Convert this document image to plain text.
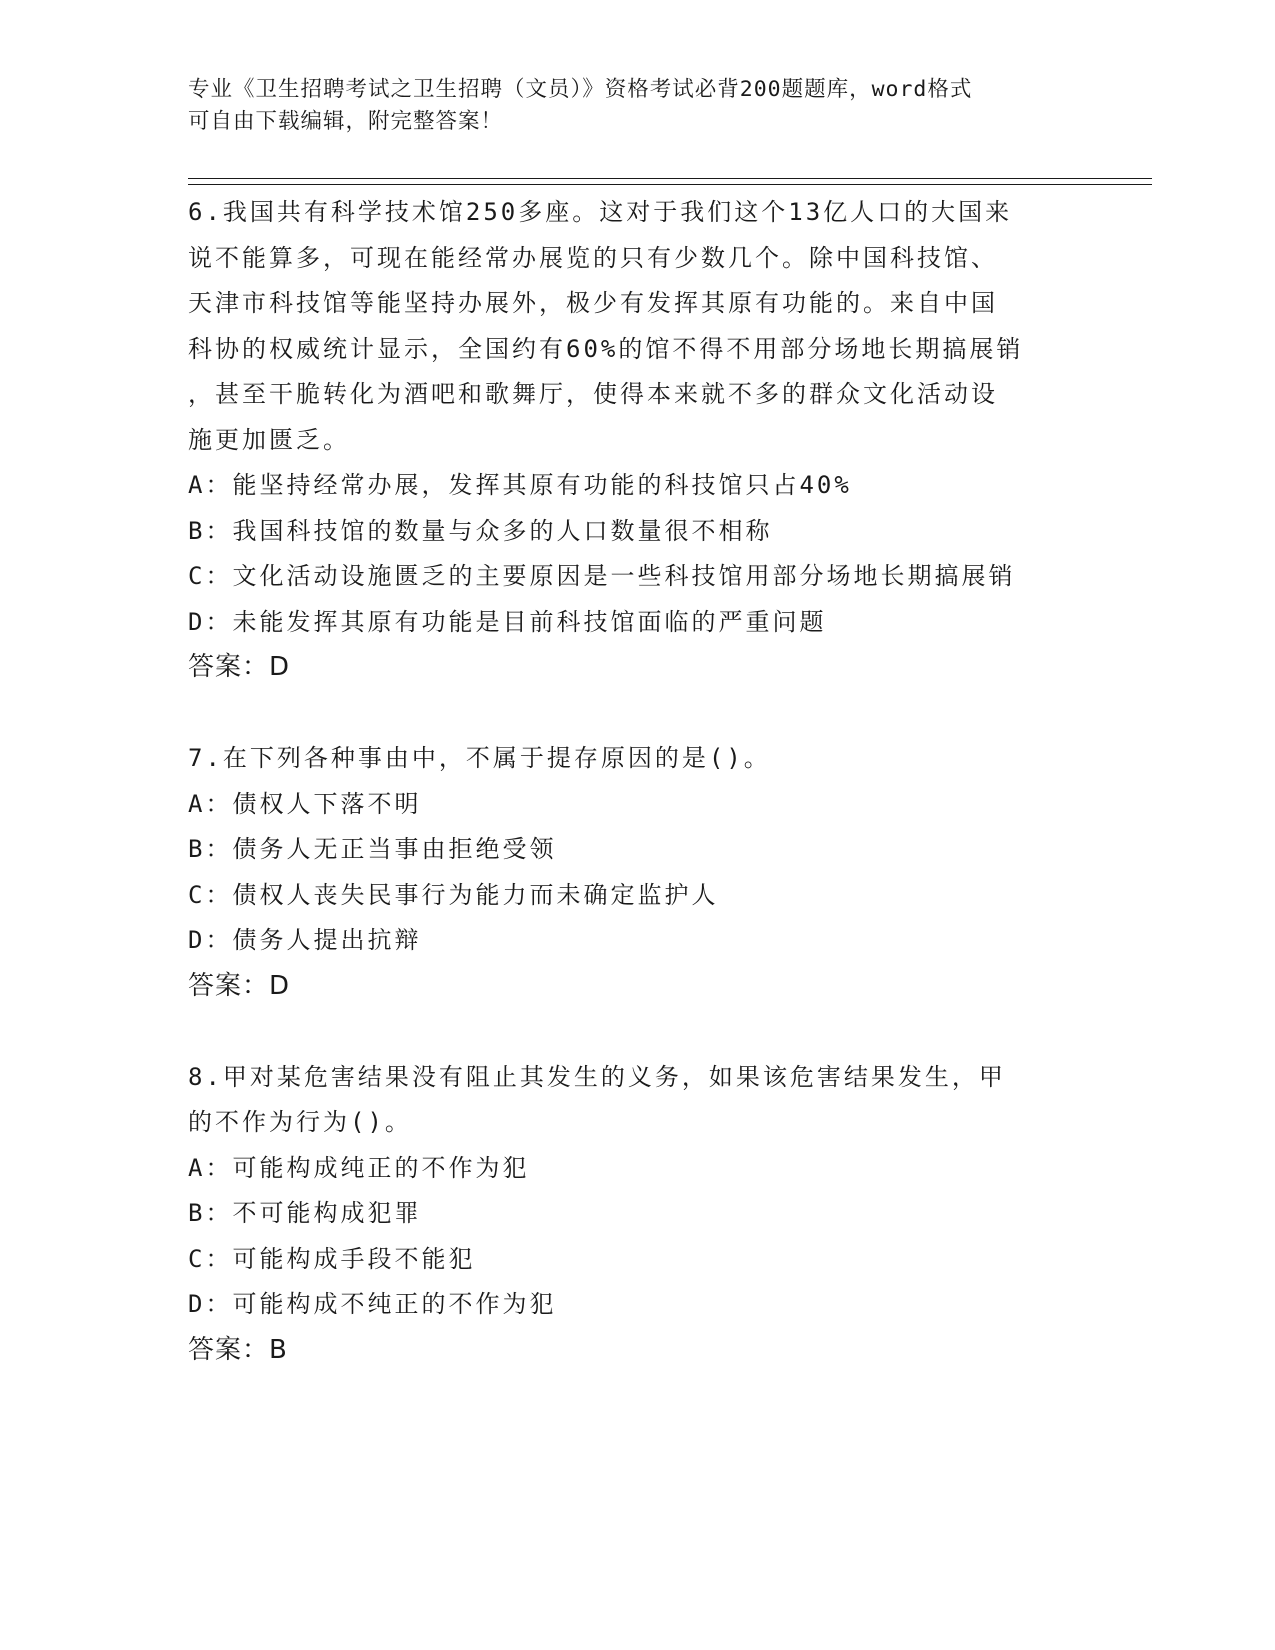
专业《卫生招聘考试之卫生招聘（文员）》资格考试必背200题题库，word格式
可自由下载编辑，附完整答案！
6.我国共有科学技术馆250多座。这对于我们这个13亿人口的大国来
说不能算多，可现在能经常办展览的只有少数几个。除中国科技馆、
天津市科技馆等能坚持办展外，极少有发挥其原有功能的。来自中国
科协的权威统计显示，全国约有60%的馆不得不用部分场地长期搞展销
，甚至干脆转化为酒吧和歌舞厅，使得本来就不多的群众文化活动设
施更加匮乏。
A：能坚持经常办展，发挥其原有功能的科技馆只占40%
B：我国科技馆的数量与众多的人口数量很不相称
C：文化活动设施匮乏的主要原因是一些科技馆用部分场地长期搞展销
D：未能发挥其原有功能是目前科技馆面临的严重问题
答案：D
7.在下列各种事由中，不属于提存原因的是()。
A：债权人下落不明
B：债务人无正当事由拒绝受领
C：债权人丧失民事行为能力而未确定监护人
D：债务人提出抗辩
答案：D
8.甲对某危害结果没有阻止其发生的义务，如果该危害结果发生，甲
的不作为行为()。
A：可能构成纯正的不作为犯
B：不可能构成犯罪
C：可能构成手段不能犯
D：可能构成不纯正的不作为犯
答案：B
